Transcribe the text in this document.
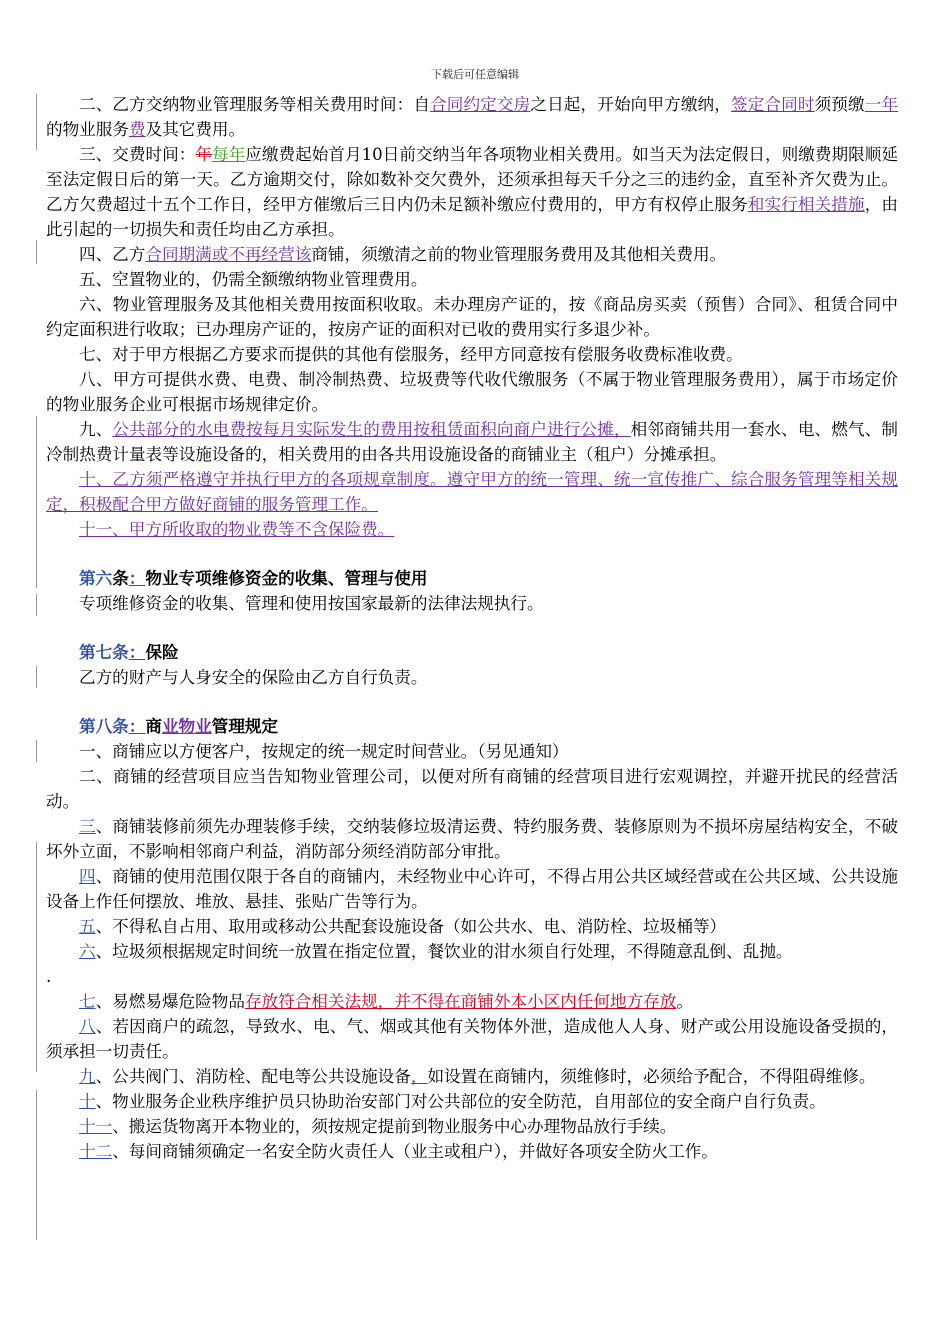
下载后可任意编辑

二、乙方交纳物业管理服务等相关费用时间：自合同约定交房之日起，开始向甲方缴纳，签定合同时须预缴一年的物业服务费及其它费用。

三、交费时间：年每年应缴费起始首月10日前交纳当年各项物业相关费用。如当天为法定假日，则缴费期限顺延至法定假日后的第一天。乙方逾期交付，除如数补交欠费外，还须承担每天千分之三的违约金，直至补齐欠费为止。乙方欠费超过十五个工作日，经甲方催缴后三日内仍未足额补缴应付费用的，甲方有权停止服务和实行相关措施，由此引起的一切损失和责任均由乙方承担。

四、乙方合同期满或不再经营该商铺，须缴清之前的物业管理服务费用及其他相关费用。

五、空置物业的，仍需全额缴纳物业管理费用。

六、物业管理服务及其他相关费用按面积收取。未办理房产证的，按《商品房买卖（预售）合同》、租赁合同中约定面积进行收取；已办理房产证的，按房产证的面积对已收的费用实行多退少补。

七、对于甲方根据乙方要求而提供的其他有偿服务，经甲方同意按有偿服务收费标准收费。

八、甲方可提供水费、电费、制冷制热费、垃圾费等代收代缴服务（不属于物业管理服务费用），属于市场定价的物业服务企业可根据市场规律定价。

九、公共部分的水电费按每月实际发生的费用按租赁面积向商户进行公摊，相邻商铺共用一套水、电、燃气、制冷制热费计量表等设施设备的，相关费用的由各共用设施设备的商铺业主（租户）分摊承担。

十、乙方须严格遵守并执行甲方的各项规章制度。遵守甲方的统一管理、统一宣传推广、综合服务管理等相关规定，积极配合甲方做好商铺的服务管理工作。

十一、甲方所收取的物业费等不含保险费。

第六条：物业专项维修资金的收集、管理与使用

专项维修资金的收集、管理和使用按国家最新的法律法规执行。

第七条：保险

乙方的财产与人身安全的保险由乙方自行负责。

第八条：商业物业管理规定

一、商铺应以方便客户，按规定的统一规定时间营业。（另见通知）

二、商铺的经营项目应当告知物业管理公司，以便对所有商铺的经营项目进行宏观调控，并避开扰民的经营活动。

三、商铺装修前须先办理装修手续，交纳装修垃圾清运费、特约服务费、装修原则为不损坏房屋结构安全，不破坏外立面，不影响相邻商户利益，消防部分须经消防部分审批。

四、商铺的使用范围仅限于各自的商铺内，未经物业中心许可，不得占用公共区域经营或在公共区域、公共设施设备上作任何摆放、堆放、悬挂、张贴广告等行为。

五、不得私自占用、取用或移动公共配套设施设备（如公共水、电、消防栓、垃圾桶等）

六、垃圾须根据规定时间统一放置在指定位置，餐饮业的泔水须自行处理，不得随意乱倒、乱抛。

.

七、易燃易爆危险物品存放符合相关法规，并不得在商铺外本小区内任何地方存放。

八、若因商户的疏忽，导致水、电、气、烟或其他有关物体外泄，造成他人人身、财产或公用设施设备受损的，须承担一切责任。

九、公共阀门、消防栓、配电等公共设施设备，如设置在商铺内，须维修时，必须给予配合，不得阻碍维修。

十、物业服务企业秩序维护员只协助治安部门对公共部位的安全防范，自用部位的安全商户自行负责。

十一、搬运货物离开本物业的，须按规定提前到物业服务中心办理物品放行手续。

十二、每间商铺须确定一名安全防火责任人（业主或租户），并做好各项安全防火工作。
